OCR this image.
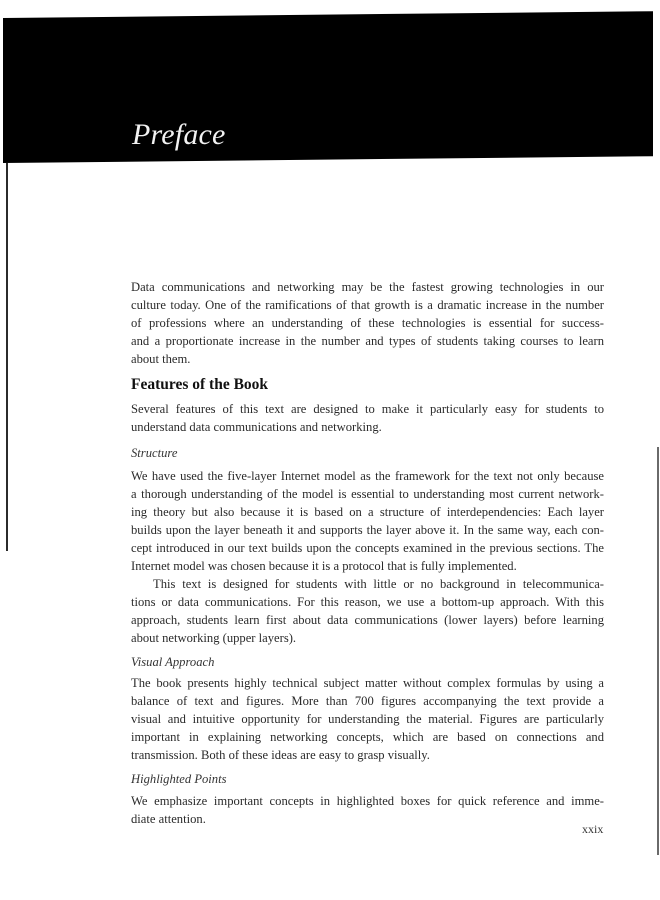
Preface
Data communications and networking may be the fastest growing technologies in our
culture today. One of the ramifications of that growth is a dramatic increase in the number
of professions where an understanding of these technologies is essential for success-
and a proportionate increase in the number and types of students taking courses to learn
about them.
Features of the Book
Several features of this text are designed to make it particularly easy for students to
understand data communications and networking.
Structure
We have used the five-layer Internet model as the framework for the text not only because
a thorough understanding of the model is essential to understanding most current network-
ing theory but also because it is based on a structure of interdependencies: Each layer
builds upon the layer beneath it and supports the layer above it. In the same way, each con-
cept introduced in our text builds upon the concepts examined in the previous sections. The
Internet model was chosen because it is a protocol that is fully implemented.
This text is designed for students with little or no background in telecommunica-
tions or data communications. For this reason, we use a bottom-up approach. With this
approach, students learn first about data communications (lower layers) before learning
about networking (upper layers).
Visual Approach
The book presents highly technical subject matter without complex formulas by using a
balance of text and figures. More than 700 figures accompanying the text provide a
visual and intuitive opportunity for understanding the material. Figures are particularly
important in explaining networking concepts, which are based on connections and
transmission. Both of these ideas are easy to grasp visually.
Highlighted Points
We emphasize important concepts in highlighted boxes for quick reference and imme-
diate attention.
xxix
